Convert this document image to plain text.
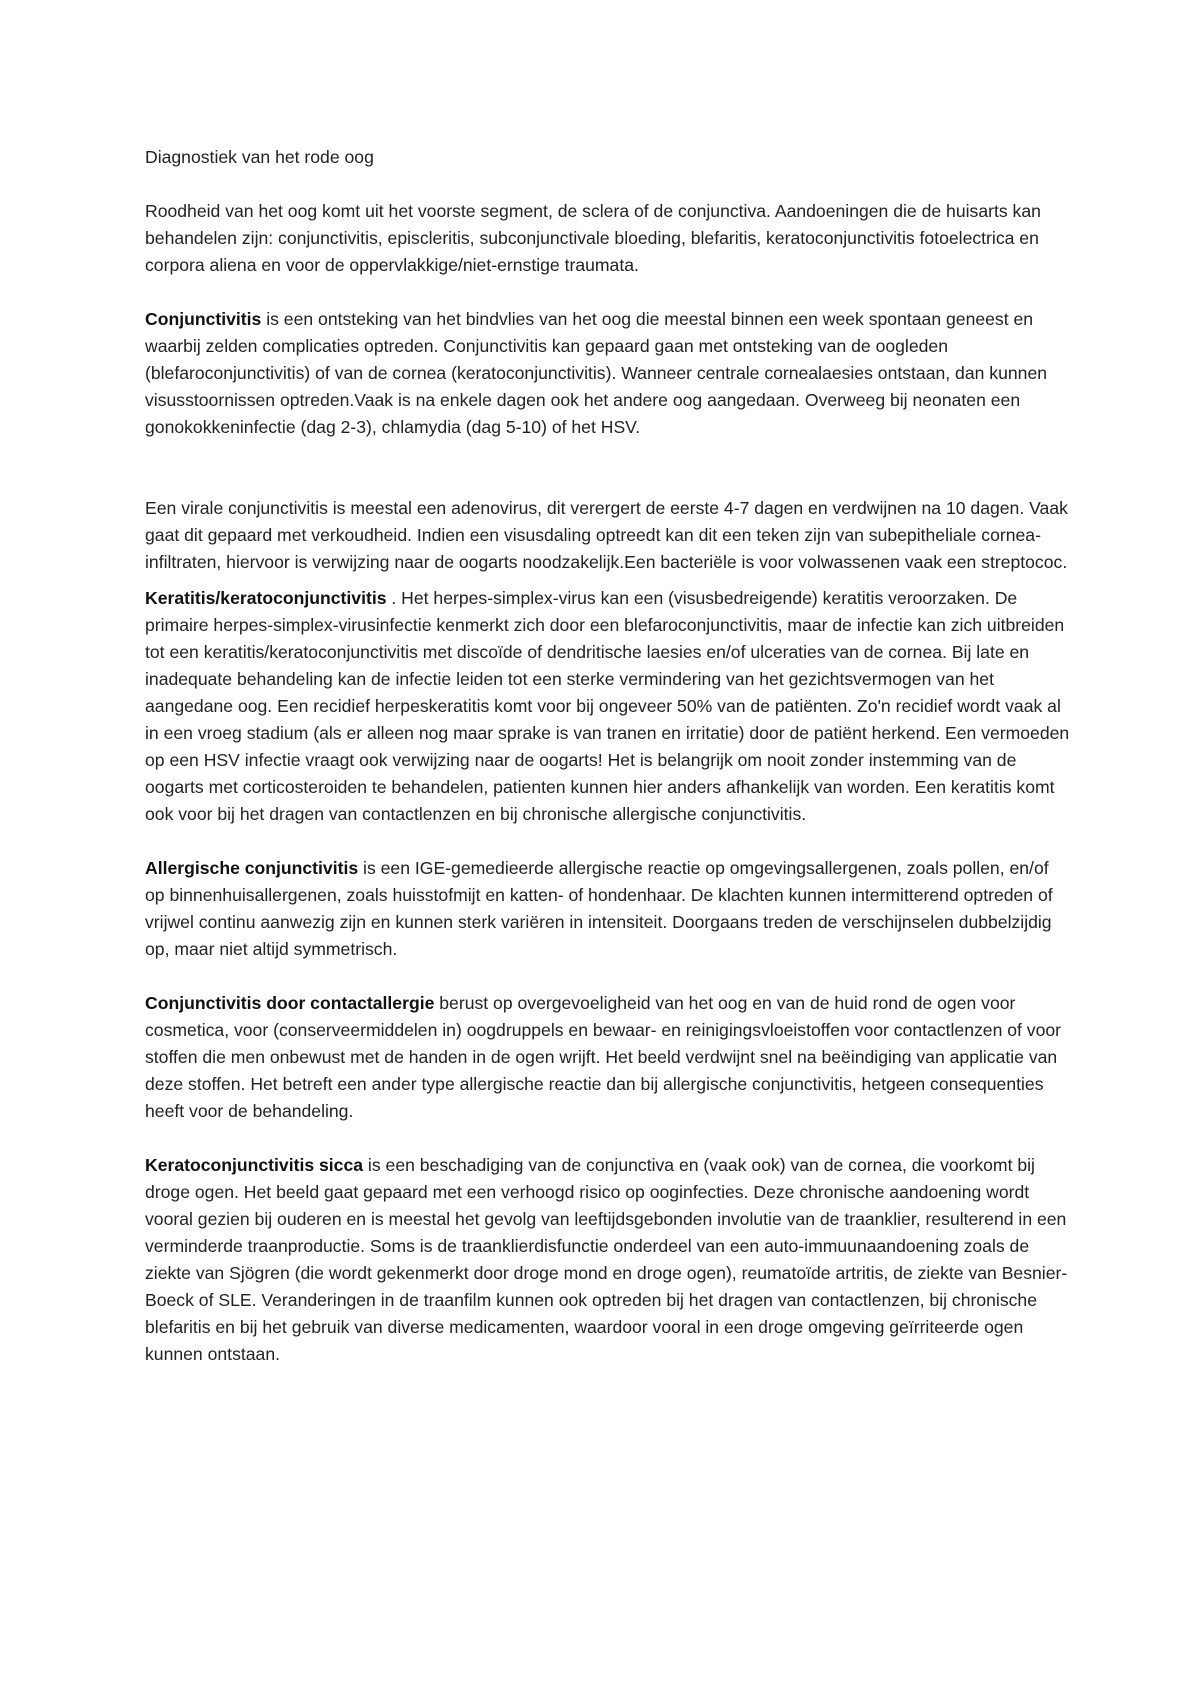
Diagnostiek van het rode oog

Roodheid van het oog komt uit het voorste segment, de sclera of de conjunctiva. Aandoeningen die de huisarts kan behandelen zijn: conjunctivitis, episcleritis, subconjunctivale bloeding, blefaritis, keratoconjunctivitis fotoelectrica en corpora aliena en voor de oppervlakkige/niet-ernstige traumata.

Conjunctivitis is een ontsteking van het bindvlies van het oog die meestal binnen een week spontaan geneest en waarbij zelden complicaties optreden. Conjunctivitis kan gepaard gaan met ontsteking van de oogleden (blefaroconjunctivitis) of van de cornea (keratoconjunctivitis). Wanneer centrale cornealaesies ontstaan, dan kunnen visusstoornissen optreden.Vaak is na enkele dagen ook het andere oog aangedaan. Overweeg bij neonaten een gonokokkeninfectie (dag 2-3), chlamydia (dag 5-10) of het HSV.

Een virale conjunctivitis is meestal een adenovirus, dit verergert de eerste 4-7 dagen en verdwijnen na 10 dagen. Vaak gaat dit gepaard met verkoudheid. Indien een visusdaling optreedt kan dit een teken zijn van subepitheliale cornea-infiltraten, hiervoor is verwijzing naar de oogarts noodzakelijk.Een bacteriële is voor volwassenen vaak een streptococ.

Keratitis/keratoconjunctivitis . Het herpes-simplex-virus kan een (visusbedreigende) keratitis veroorzaken. De primaire herpes-simplex-virusinfectie kenmerkt zich door een blefaroconjunctivitis, maar de infectie kan zich uitbreiden tot een keratitis/keratoconjunctivitis met discoïde of dendritische laesies en/of ulceraties van de cornea. Bij late en inadequate behandeling kan de infectie leiden tot een sterke vermindering van het gezichtsvermogen van het aangedane oog. Een recidief herpeskeratitis komt voor bij ongeveer 50% van de patiënten. Zo'n recidief wordt vaak al in een vroeg stadium (als er alleen nog maar sprake is van tranen en irritatie) door de patiënt herkend. Een vermoeden op een HSV infectie vraagt ook verwijzing naar de oogarts! Het is belangrijk om nooit zonder instemming van de oogarts met corticosteroiden te behandelen, patienten kunnen hier anders afhankelijk van worden. Een keratitis komt ook voor bij het dragen van contactlenzen en bij chronische allergische conjunctivitis.

Allergische conjunctivitis is een IGE-gemedieerde allergische reactie op omgevingsallergenen, zoals pollen, en/of op binnenhuisallergenen, zoals huisstofmijt en katten- of hondenhaar. De klachten kunnen intermitterend optreden of vrijwel continu aanwezig zijn en kunnen sterk variëren in intensiteit. Doorgaans treden de verschijnselen dubbelzijdig op, maar niet altijd symmetrisch.

Conjunctivitis door contactallergie berust op overgevoeligheid van het oog en van de huid rond de ogen voor cosmetica, voor (conserveermiddelen in) oogdruppels en bewaar- en reinigingsvloeistoffen voor contactlenzen of voor stoffen die men onbewust met de handen in de ogen wrijft. Het beeld verdwijnt snel na beëindiging van applicatie van deze stoffen. Het betreft een ander type allergische reactie dan bij allergische conjunctivitis, hetgeen consequenties heeft voor de behandeling.

Keratoconjunctivitis sicca is een beschadiging van de conjunctiva en (vaak ook) van de cornea, die voorkomt bij droge ogen. Het beeld gaat gepaard met een verhoogd risico op ooginfecties. Deze chronische aandoening wordt vooral gezien bij ouderen en is meestal het gevolg van leeftijdsgebonden involutie van de traanklier, resulterend in een verminderde traanproductie. Soms is de traanklierdisfunctie onderdeel van een auto-immuunaandoening zoals de ziekte van Sjögren (die wordt gekenmerkt door droge mond en droge ogen), reumatoïde artritis, de ziekte van Besnier-Boeck of SLE. Veranderingen in de traanfilm kunnen ook optreden bij het dragen van contactlenzen, bij chronische blefaritis en bij het gebruik van diverse medicamenten, waardoor vooral in een droge omgeving geïrriteerde ogen kunnen ontstaan.
